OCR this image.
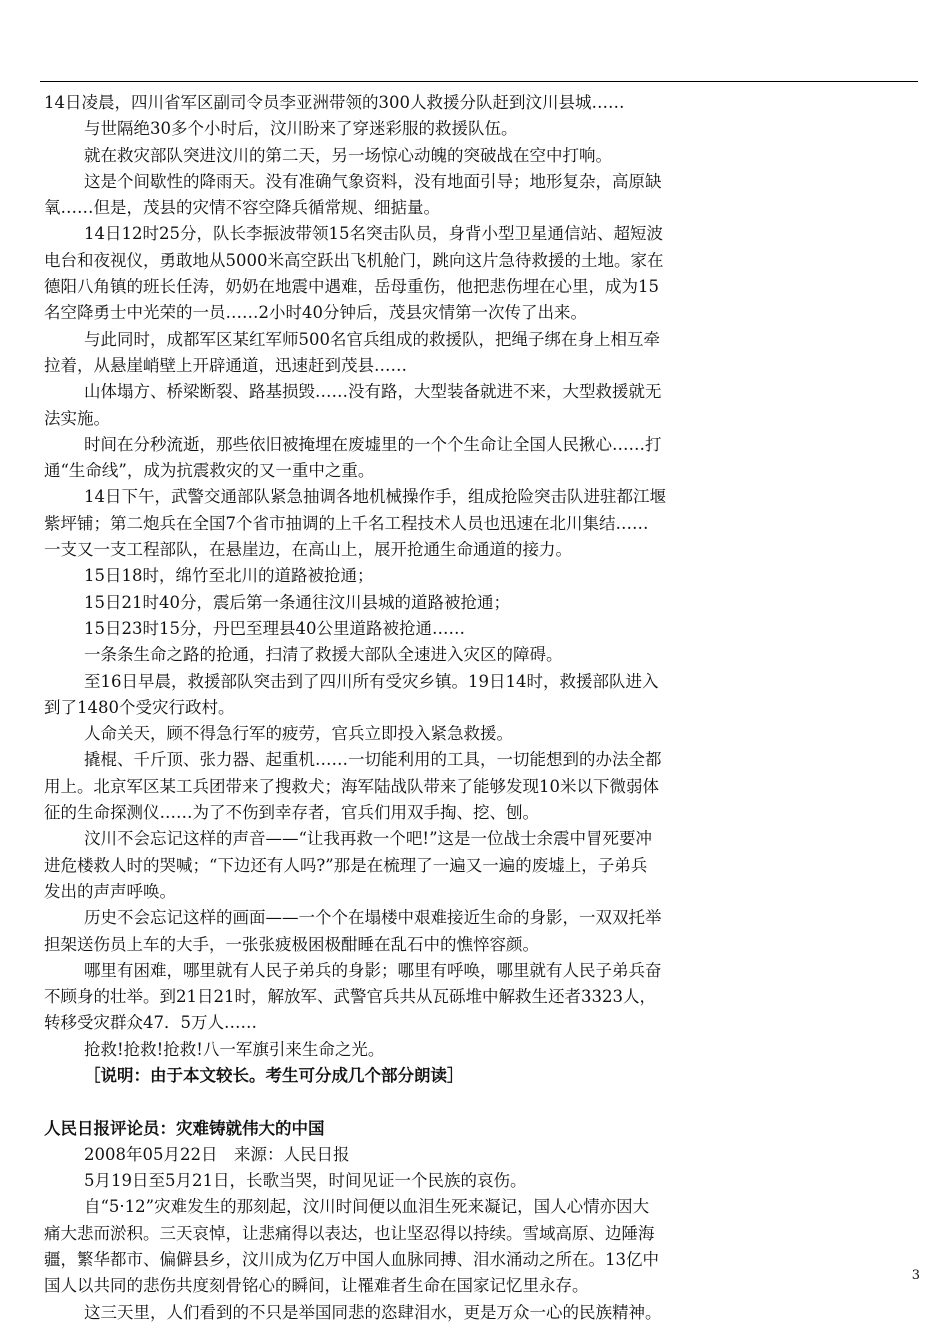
14日凌晨，四川省军区副司令员李亚洲带领的300人救援分队赶到汶川县城……
与世隔绝30多个小时后，汶川盼来了穿迷彩服的救援队伍。
就在救灾部队突进汶川的第二天，另一场惊心动魄的突破战在空中打响。
这是个间歇性的降雨天。没有准确气象资料，没有地面引导；地形复杂，高原缺
氧……但是，茂县的灾情不容空降兵循常规、细掂量。
14日12时25分，队长李振波带领15名突击队员，身背小型卫星通信站、超短波
电台和夜视仪，勇敢地从5000米高空跃出飞机舱门，跳向这片急待救援的土地。家在
德阳八角镇的班长任涛，奶奶在地震中遇难，岳母重伤，他把悲伤埋在心里，成为15
名空降勇士中光荣的一员……2小时40分钟后，茂县灾情第一次传了出来。
与此同时，成都军区某红军师500名官兵组成的救援队，把绳子绑在身上相互牵
拉着，从悬崖峭壁上开辟通道，迅速赶到茂县……
山体塌方、桥梁断裂、路基损毁……没有路，大型装备就进不来，大型救援就无
法实施。
时间在分秒流逝，那些依旧被掩埋在废墟里的一个个生命让全国人民揪心……打
通“生命线”，成为抗震救灾的又一重中之重。
14日下午，武警交通部队紧急抽调各地机械操作手，组成抢险突击队进驻都江堰
紫坪铺；第二炮兵在全国7个省市抽调的上千名工程技术人员也迅速在北川集结……
一支又一支工程部队，在悬崖边，在高山上，展开抢通生命通道的接力。
15日18时，绵竹至北川的道路被抢通；
15日21时40分，震后第一条通往汶川县城的道路被抢通；
15日23时15分，丹巴至理县40公里道路被抢通……
一条条生命之路的抢通，扫清了救援大部队全速进入灾区的障碍。
至16日早晨，救援部队突击到了四川所有受灾乡镇。19日14时，救援部队进入
到了1480个受灾行政村。
人命关天，顾不得急行军的疲劳，官兵立即投入紧急救援。
撬棍、千斤顶、张力器、起重机……一切能利用的工具，一切能想到的办法全都
用上。北京军区某工兵团带来了搜救犬；海军陆战队带来了能够发现10米以下微弱体
征的生命探测仪……为了不伤到幸存者，官兵们用双手掏、挖、刨。
汶川不会忘记这样的声音——“让我再救一个吧!”这是一位战士余震中冒死要冲
进危楼救人时的哭喊；“下边还有人吗?”那是在梳理了一遍又一遍的废墟上，子弟兵
发出的声声呼唤。
历史不会忘记这样的画面——一个个在塌楼中艰难接近生命的身影，一双双托举
担架送伤员上车的大手，一张张疲极困极酣睡在乱石中的憔悴容颜。
哪里有困难，哪里就有人民子弟兵的身影；哪里有呼唤，哪里就有人民子弟兵奋
不顾身的壮举。到21日21时，解放军、武警官兵共从瓦砾堆中解救生还者3323人，
转移受灾群众47．5万人……
抢救!抢救!抢救!八一军旗引来生命之光。
［说明：由于本文较长。考生可分成几个部分朗读］
人民日报评论员：灾难铸就伟大的中国
2008年05月22日　来源：人民日报
5月19日至5月21日，长歌当哭，时间见证一个民族的哀伤。
自“5·12”灾难发生的那刻起，汶川时间便以血泪生死来凝记，国人心情亦因大
痛大悲而淤积。三天哀悼，让悲痛得以表达，也让坚忍得以持续。雪域高原、边陲海
疆，繁华都市、偏僻县乡，汶川成为亿万中国人血脉同搏、泪水涌动之所在。13亿中
国人以共同的悲伤共度刻骨铭心的瞬间，让罹难者生命在国家记忆里永存。
这三天里，人们看到的不只是举国同悲的恣肆泪水，更是万众一心的民族精神。
3
